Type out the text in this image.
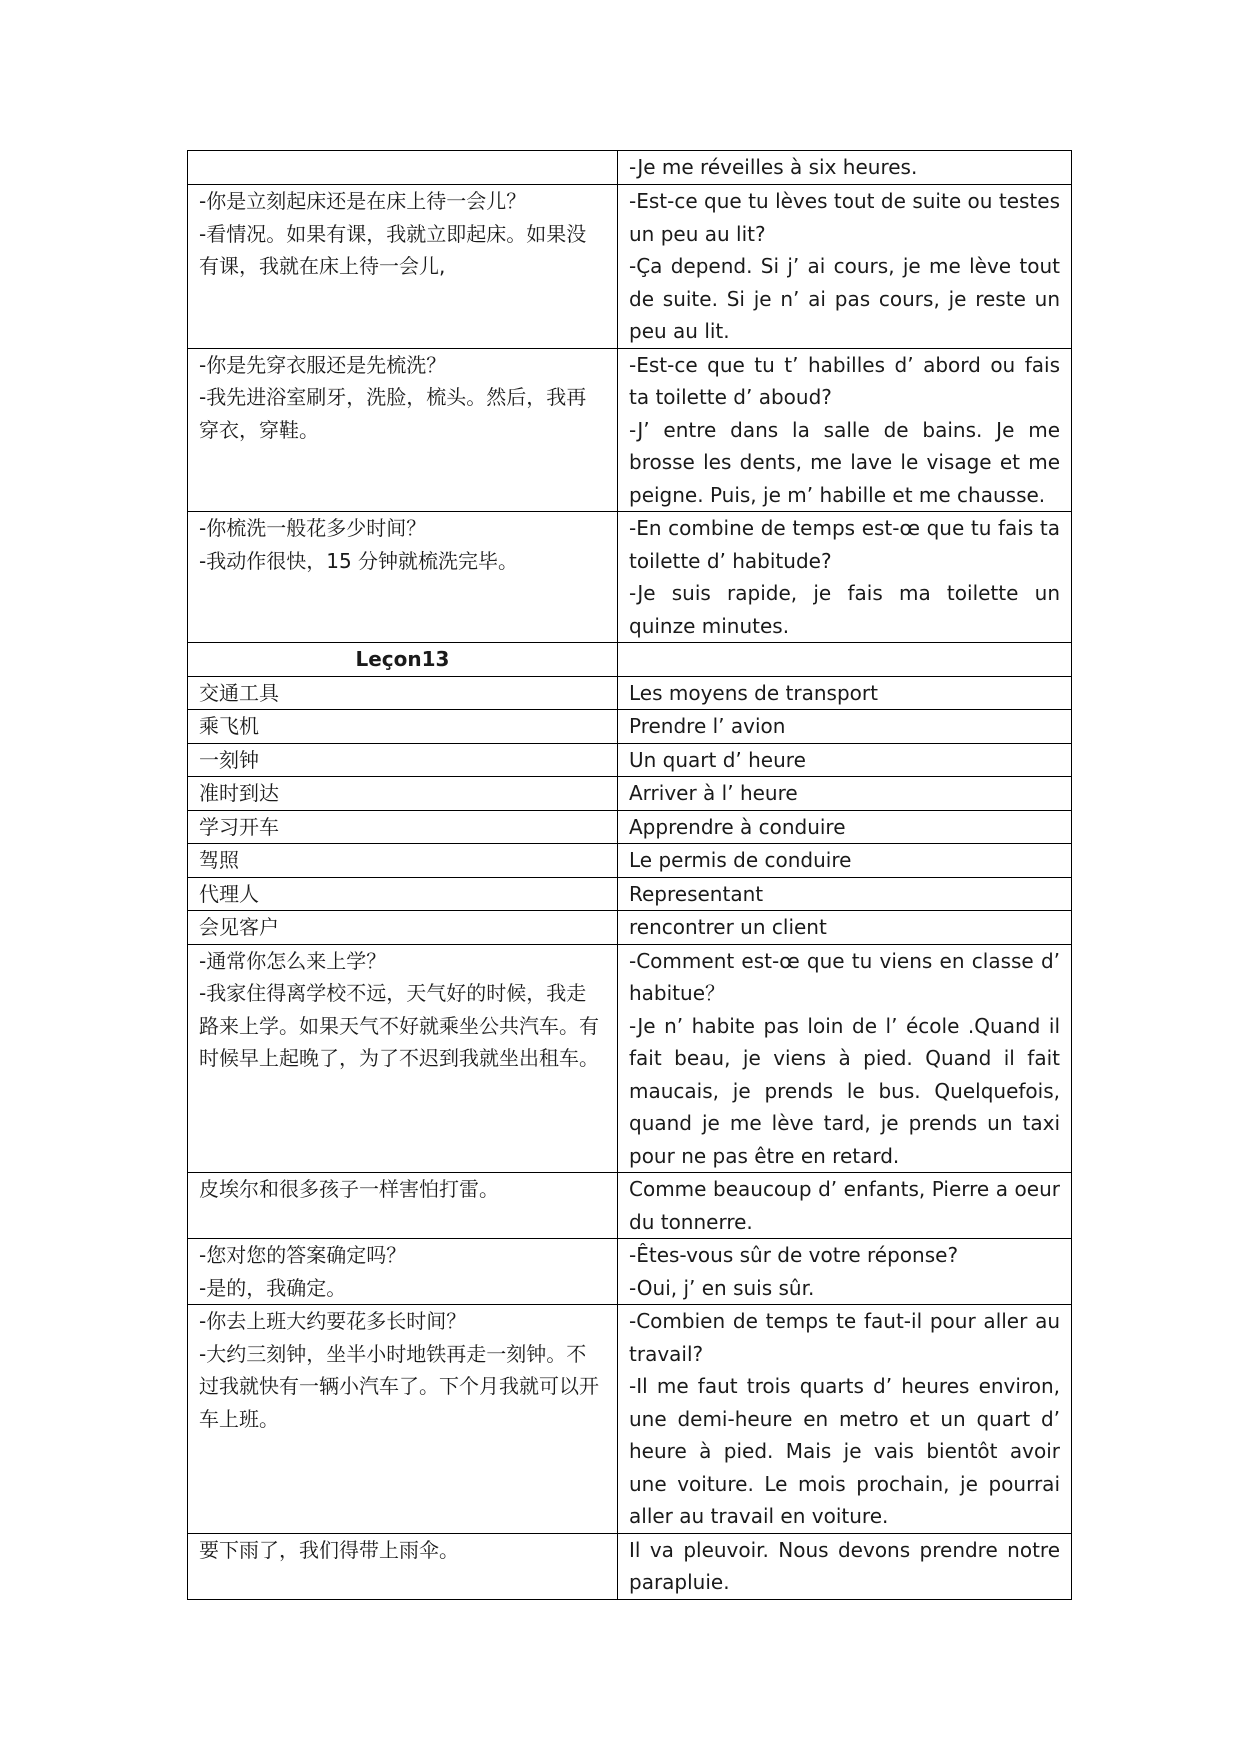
	-Je me réveilles à six heures.

-你是立刻起床还是在床上待一会儿？
-看情况。如果有课，我就立即起床。如果没有课，我就在床上待一会儿,	-Est-ce que tu lèves tout de suite ou testes un peu au lit?
-Ça depend. Si j’ ai cours, je me lève tout de suite. Si je n’ ai pas cours, je reste un peu au lit.

-你是先穿衣服还是先梳洗？
-我先进浴室刷牙，洗脸，梳头。然后，我再穿衣，穿鞋。	-Est-ce que tu t’ habilles d’ abord ou fais ta toilette d’ aboud?
-J’ entre dans la salle de bains. Je me brosse les dents, me lave le visage et me peigne. Puis, je m’ habille et me chausse.

-你梳洗一般花多少时间？
-我动作很快，15 分钟就梳洗完毕。	-En combine de temps est-œ que tu fais ta toilette d’ habitude?
-Je suis rapide, je fais ma toilette un quinze minutes.

Leçon13	

交通工具	Les moyens de transport

乘飞机	Prendre l’ avion

一刻钟	Un quart d’ heure

准时到达	Arriver à l’ heure

学习开车	Apprendre à conduire

驾照	Le permis de conduire

代理人	Representant

会见客户	rencontrer un client

-通常你怎么来上学？
-我家住得离学校不远，天气好的时候，我走路来上学。如果天气不好就乘坐公共汽车。有时候早上起晚了，为了不迟到我就坐出租车。	-Comment est-œ que tu viens en classe d’ habitue？
-Je n’ habite pas loin de l’ école .Quand il fait beau, je viens à pied. Quand il fait maucais, je prends le bus. Quelquefois, quand je me lève tard, je prends un taxi pour ne pas être en retard.

皮埃尔和很多孩子一样害怕打雷。	Comme beaucoup d’ enfants, Pierre a oeur du tonnerre.

-您对您的答案确定吗？
-是的，我确定。	-Êtes-vous sûr de votre réponse?
-Oui, j’ en suis sûr.

-你去上班大约要花多长时间？
-大约三刻钟，坐半小时地铁再走一刻钟。不过我就快有一辆小汽车了。下个月我就可以开车上班。	-Combien de temps te faut-il pour aller au travail?
-Il me faut trois quarts d’ heures environ, une demi-heure en metro et un quart d’ heure à pied. Mais je vais bientôt avoir une voiture. Le mois prochain, je pourrai aller au travail en voiture.

要下雨了，我们得带上雨伞。	Il va pleuvoir. Nous devons prendre notre parapluie.
